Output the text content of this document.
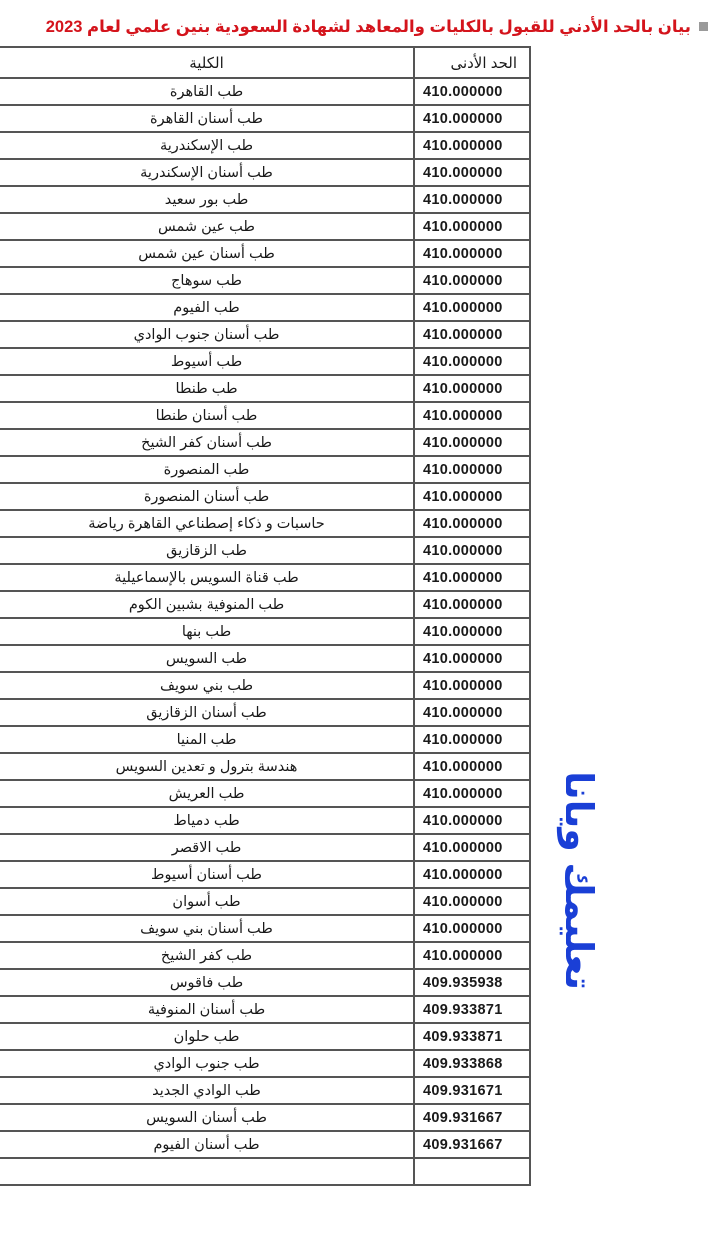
بيان بالحد الأدني للقبول بالكليات والمعاهد لشهادة السعودية بنين علمي لعام 2023
الحد الأدنى	الكلية
410.000000	طب القاهرة
410.000000	طب أسنان القاهرة
410.000000	طب الإسكندرية
410.000000	طب أسنان الإسكندرية
410.000000	طب بور سعيد
410.000000	طب عين شمس
410.000000	طب أسنان عين شمس
410.000000	طب سوهاج
410.000000	طب الفيوم
410.000000	طب أسنان جنوب الوادي
410.000000	طب أسيوط
410.000000	طب طنطا
410.000000	طب أسنان طنطا
410.000000	طب أسنان كفر الشيخ
410.000000	طب المنصورة
410.000000	طب أسنان المنصورة
410.000000	حاسبات و ذكاء إصطناعي القاهرة رياضة
410.000000	طب الزقازيق
410.000000	طب قناة السويس بالإسماعيلية
410.000000	طب المنوفية بشبين الكوم
410.000000	طب بنها
410.000000	طب السويس
410.000000	طب بني سويف
410.000000	طب أسنان الزقازيق
410.000000	طب المنيا
410.000000	هندسة بترول و تعدين السويس
410.000000	طب العريش
410.000000	طب دمياط
410.000000	طب الاقصر
410.000000	طب أسنان أسيوط
410.000000	طب أسوان
410.000000	طب أسنان بني سويف
410.000000	طب كفر الشيخ
409.935938	طب فاقوس
409.933871	طب أسنان المنوفية
409.933871	طب حلوان
409.933868	طب جنوب الوادي
409.931671	طب الوادي الجديد
409.931667	طب أسنان السويس
409.931667	طب أسنان الفيوم

تعليمك ويانا
